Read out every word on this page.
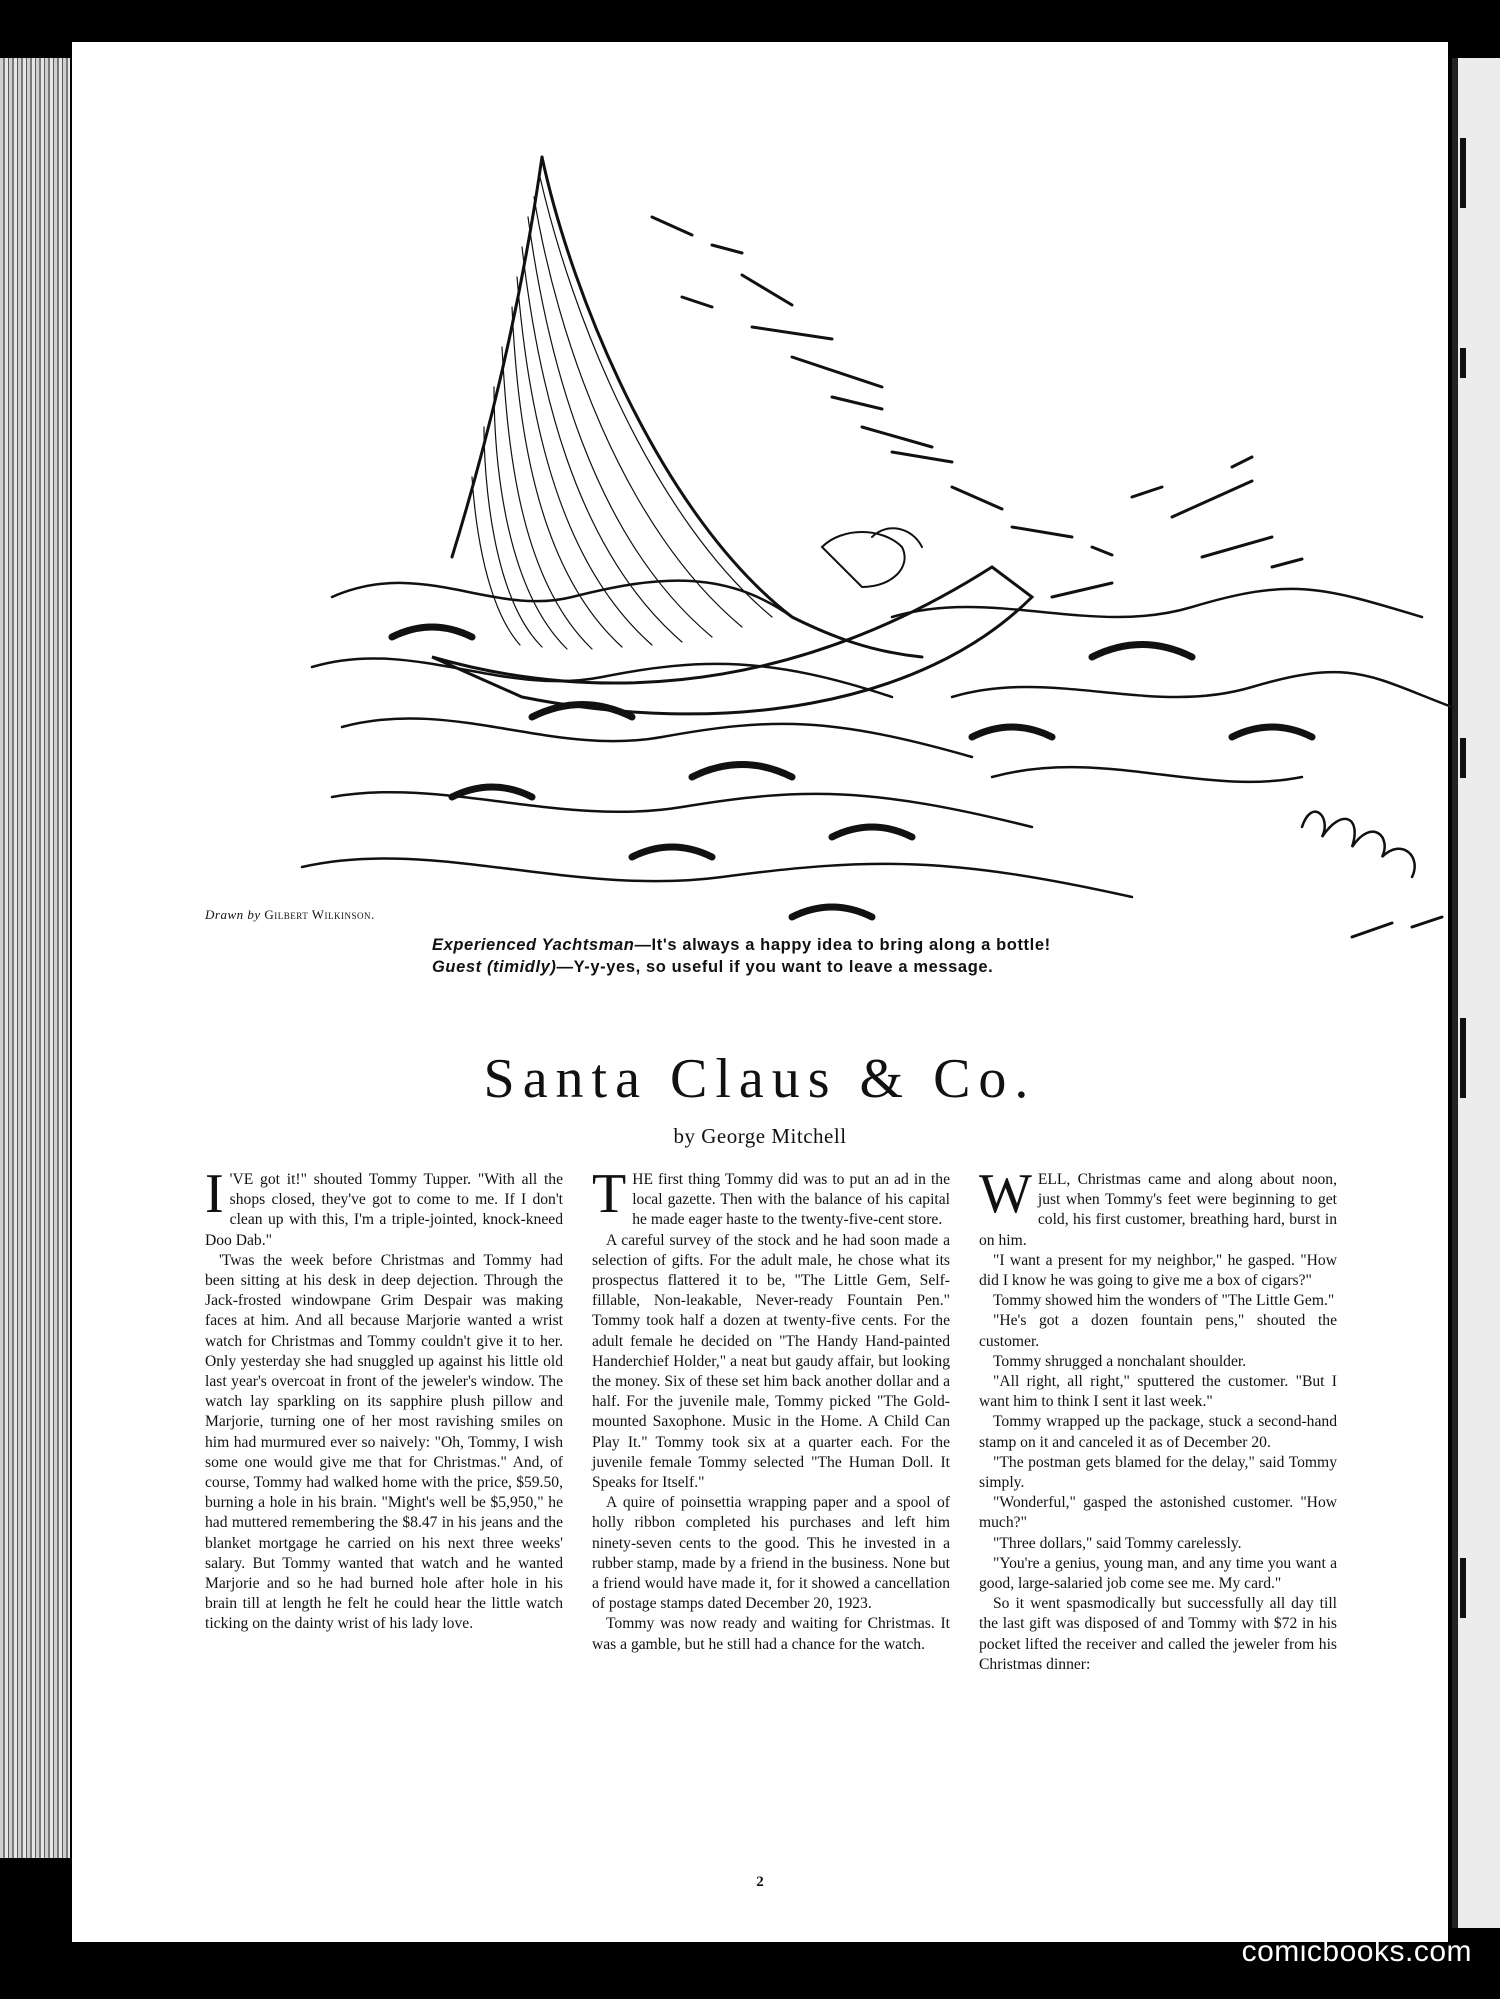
Drawn by Gilbert Wilkinson.
Experienced Yachtsman—It's always a happy idea to bring along a bottle!
Guest (timidly)—Y-y-yes, so useful if you want to leave a message.
Santa Claus & Co.
by George Mitchell

I 'VE got it!" shouted Tommy Tupper. "With all the shops closed, they've got to come to me. If I don't clean up with this, I'm a triple-jointed, knock-kneed Doo Dab."

'Twas the week before Christmas and Tommy had been sitting at his desk in deep dejection. Through the Jack-frosted windowpane Grim Despair was making faces at him. And all because Marjorie wanted a wrist watch for Christmas and Tommy couldn't give it to her. Only yesterday she had snuggled up against his little old last year's overcoat in front of the jeweler's window. The watch lay sparkling on its sapphire plush pillow and Marjorie, turning one of her most ravishing smiles on him had murmured ever so naively: "Oh, Tommy, I wish some one would give me that for Christmas." And, of course, Tommy had walked home with the price, $59.50, burning a hole in his brain. "Might's well be $5,950," he had muttered remembering the $8.47 in his jeans and the blanket mortgage he carried on his next three weeks' salary. But Tommy wanted that watch and he wanted Marjorie and so he had burned hole after hole in his brain till at length he felt he could hear the little watch ticking on the dainty wrist of his lady love.

THE first thing Tommy did was to put an ad in the local gazette. Then with the balance of his capital he made eager haste to the twenty-five-cent store.

A careful survey of the stock and he had soon made a selection of gifts. For the adult male, he chose what its prospectus flattered it to be, "The Little Gem, Self-fillable, Non-leakable, Never-ready Fountain Pen." Tommy took half a dozen at twenty-five cents. For the adult female he decided on "The Handy Hand-painted Handerchief Holder," a neat but gaudy affair, but looking the money. Six of these set him back another dollar and a half. For the juvenile male, Tommy picked "The Gold-mounted Saxophone. Music in the Home. A Child Can Play It." Tommy took six at a quarter each. For the juvenile female Tommy selected "The Human Doll. It Speaks for Itself."

A quire of poinsettia wrapping paper and a spool of holly ribbon completed his purchases and left him ninety-seven cents to the good. This he invested in a rubber stamp, made by a friend in the business. None but a friend would have made it, for it showed a cancellation of postage stamps dated December 20, 1923.

Tommy was now ready and waiting for Christmas. It was a gamble, but he still had a chance for the watch.

WELL, Christmas came and along about noon, just when Tommy's feet were beginning to get cold, his first customer, breathing hard, burst in on him.

"I want a present for my neighbor," he gasped. "How did I know he was going to give me a box of cigars?"

Tommy showed him the wonders of "The Little Gem."

"He's got a dozen fountain pens," shouted the customer.

Tommy shrugged a nonchalant shoulder.

"All right, all right," sputtered the customer. "But I want him to think I sent it last week."

Tommy wrapped up the package, stuck a second-hand stamp on it and canceled it as of December 20.

"The postman gets blamed for the delay," said Tommy simply.

"Wonderful," gasped the astonished customer. "How much?"

"Three dollars," said Tommy carelessly.

"You're a genius, young man, and any time you want a good, large-salaried job come see me. My card."

So it went spasmodically but successfully all day till the last gift was disposed of and Tommy with $72 in his pocket lifted the receiver and called the jeweler from his Christmas dinner:

2
comicbooks.com
